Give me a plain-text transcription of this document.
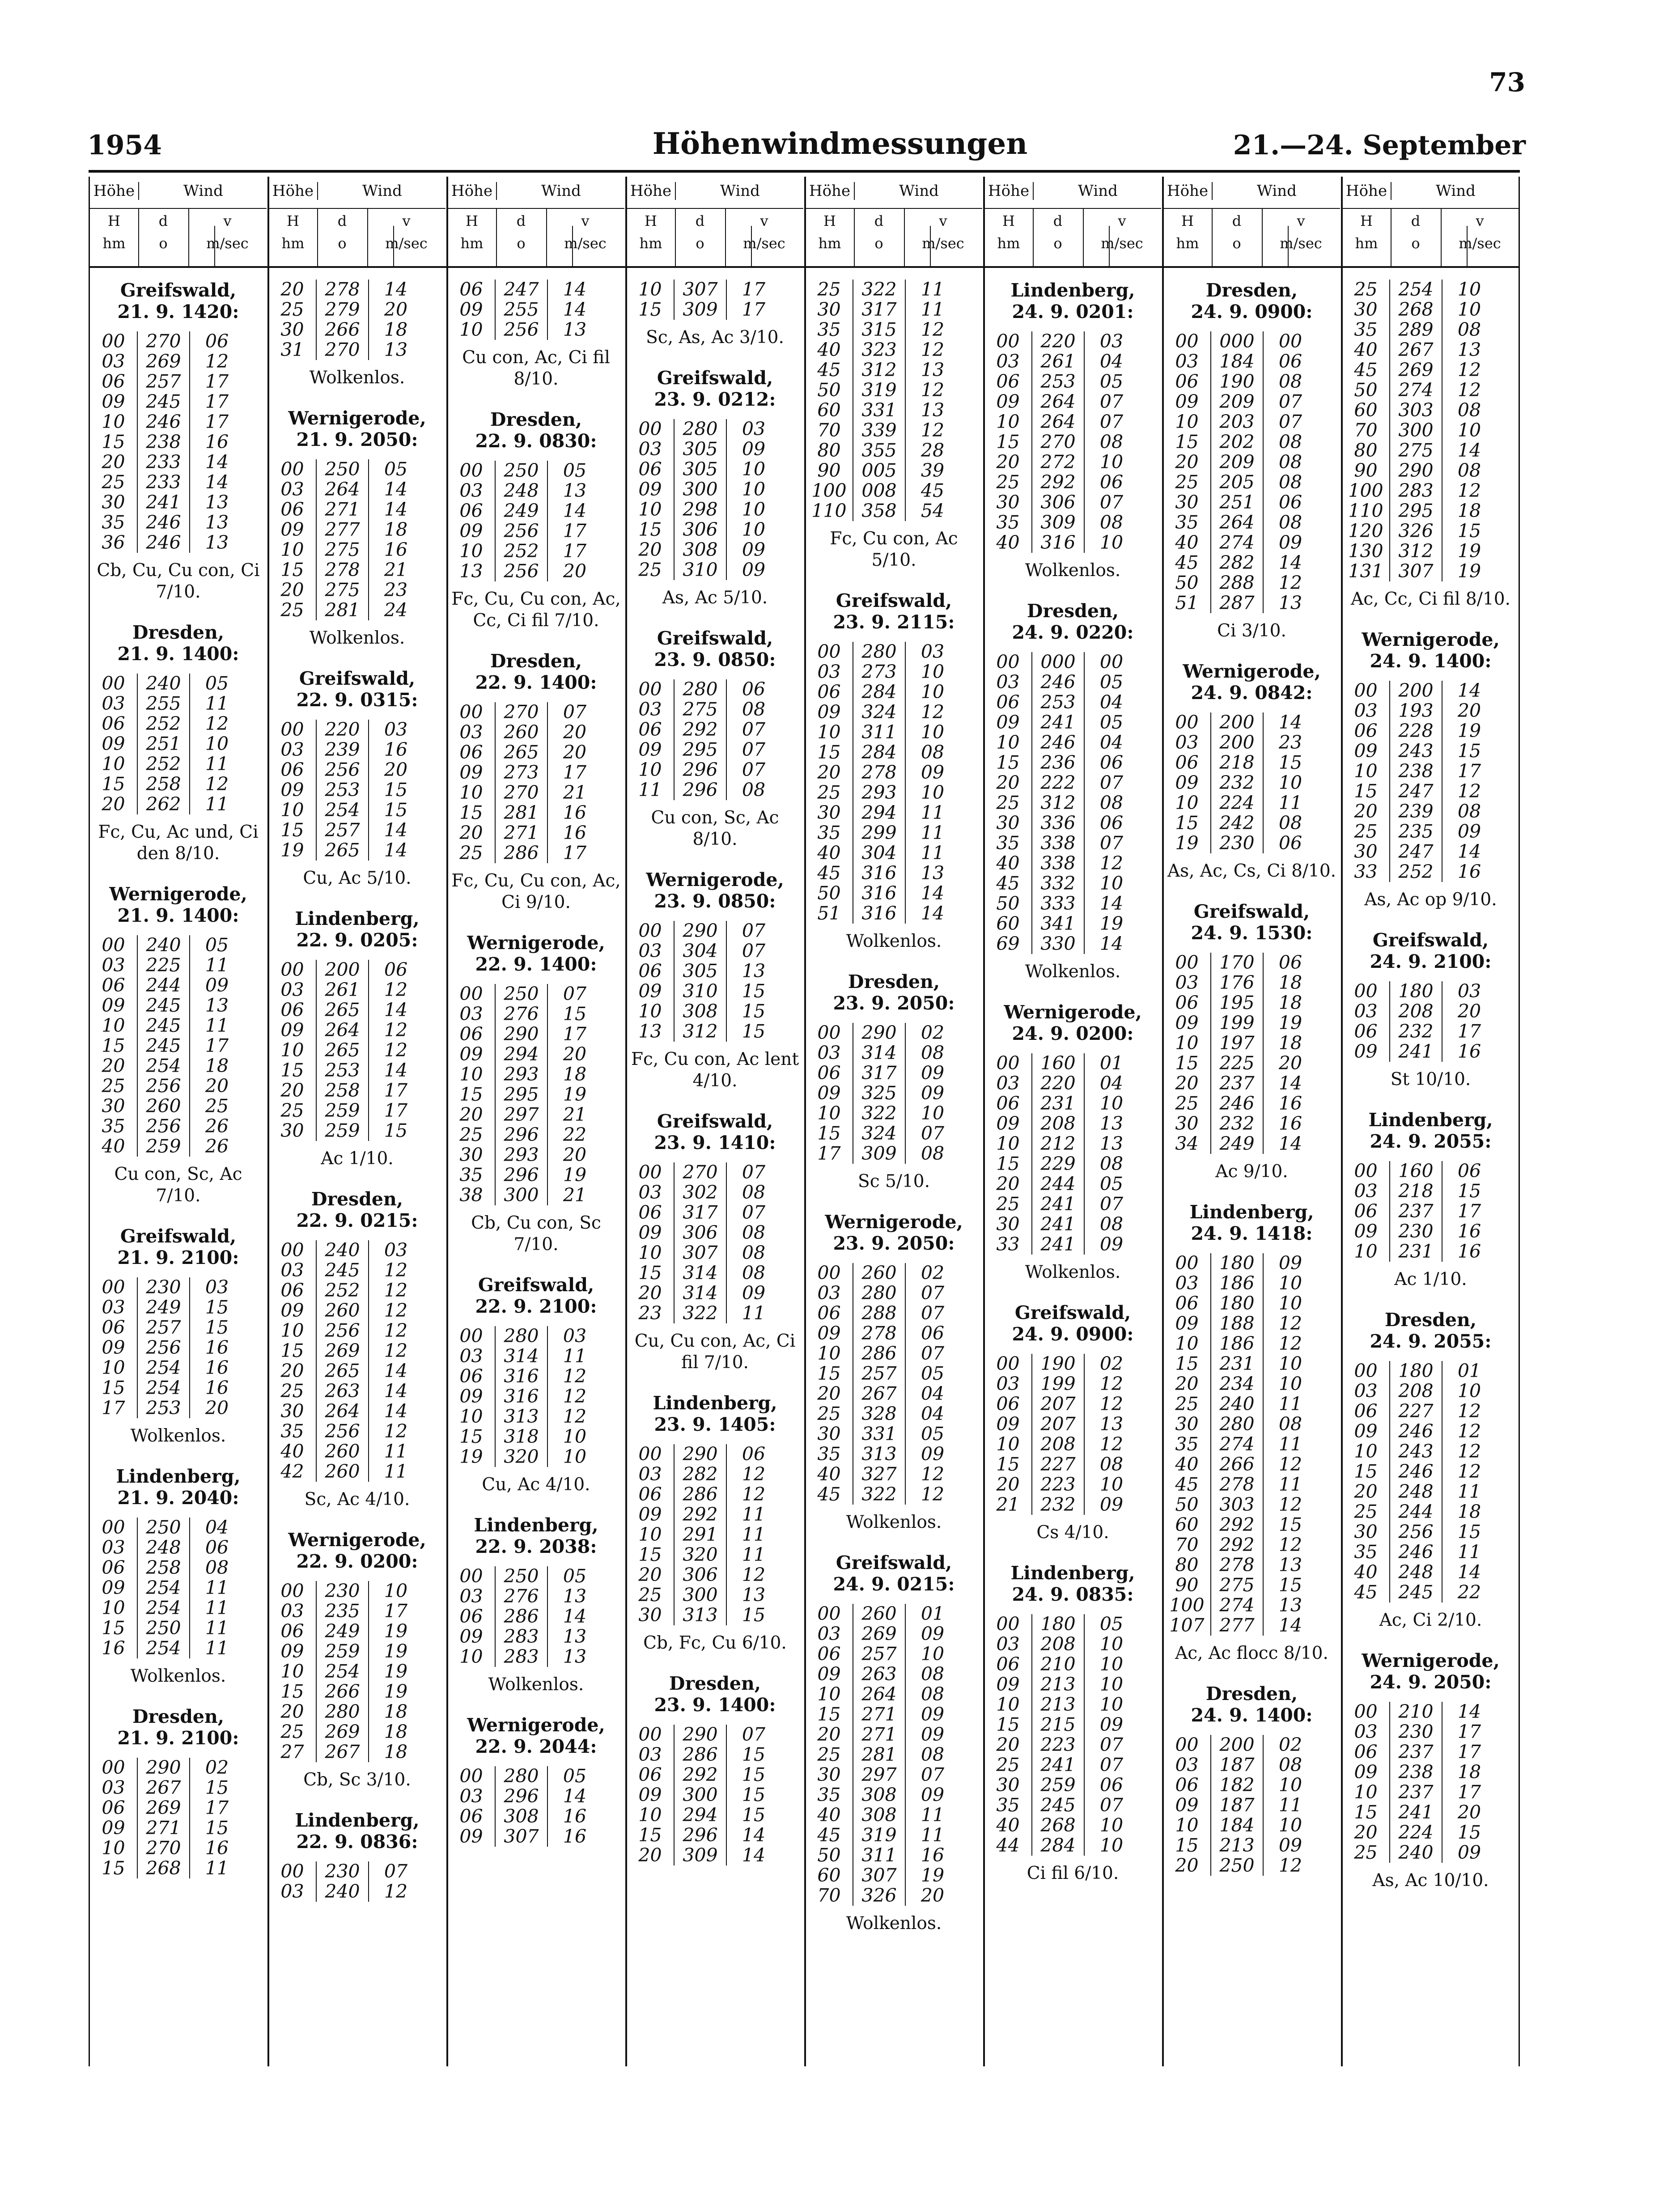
73
1954	Höhenwindmessungen	21.—24. September
Höhe	Wind
H
hm
d
o
v
m/sec
Greifswald,
21. 9. 1420:
00	270	06
03	269	12
06	257	17
09	245	17
10	246	17
15	238	16
20	233	14
25	233	14
30	241	13
35	246	13
36	246	13
Cb, Cu, Cu con, Ci 7/10.
Dresden,
21. 9. 1400:
00	240	05
03	255	11
06	252	12
09	251	10
10	252	11
15	258	12
20	262	11
Fc, Cu, Ac und, Ci den 8/10.
Wernigerode,
21. 9. 1400:
00	240	05
03	225	11
06	244	09
09	245	13
10	245	11
15	245	17
20	254	18
25	256	20
30	260	25
35	256	26
40	259	26
Cu con, Sc, Ac 7/10.
Greifswald,
21. 9. 2100:
00	230	03
03	249	15
06	257	15
09	256	16
10	254	16
15	254	16
17	253	20
Wolkenlos.
Lindenberg,
21. 9. 2040:
00	250	04
03	248	06
06	258	08
09	254	11
10	254	11
15	250	11
16	254	11
Wolkenlos.
Dresden,
21. 9. 2100:
00	290	02
03	267	15
06	269	17
09	271	15
10	270	16
15	268	11
Höhe	Wind
H
hm
d
o
v
m/sec
20	278	14
25	279	20
30	266	18
31	270	13
Wolkenlos.
Wernigerode,
21. 9. 2050:
00	250	05
03	264	14
06	271	14
09	277	18
10	275	16
15	278	21
20	275	23
25	281	24
Wolkenlos.
Greifswald,
22. 9. 0315:
00	220	03
03	239	16
06	256	20
09	253	15
10	254	15
15	257	14
19	265	14
Cu, Ac 5/10.
Lindenberg,
22. 9. 0205:
00	200	06
03	261	12
06	265	14
09	264	12
10	265	12
15	253	14
20	258	17
25	259	17
30	259	15
Ac 1/10.
Dresden,
22. 9. 0215:
00	240	03
03	245	12
06	252	12
09	260	12
10	256	12
15	269	12
20	265	14
25	263	14
30	264	14
35	256	12
40	260	11
42	260	11
Sc, Ac 4/10.
Wernigerode,
22. 9. 0200:
00	230	10
03	235	17
06	249	19
09	259	19
10	254	19
15	266	19
20	280	18
25	269	18
27	267	18
Cb, Sc 3/10.
Lindenberg,
22. 9. 0836:
00	230	07
03	240	12
Höhe	Wind
H
hm
d
o
v
m/sec
06	247	14
09	255	14
10	256	13
Cu con, Ac, Ci fil 8/10.
Dresden,
22. 9. 0830:
00	250	05
03	248	13
06	249	14
09	256	17
10	252	17
13	256	20
Fc, Cu, Cu con, Ac, Cc, Ci fil 7/10.
Dresden,
22. 9. 1400:
00	270	07
03	260	20
06	265	20
09	273	17
10	270	21
15	281	16
20	271	16
25	286	17
Fc, Cu, Cu con, Ac, Ci 9/10.
Wernigerode,
22. 9. 1400:
00	250	07
03	276	15
06	290	17
09	294	20
10	293	18
15	295	19
20	297	21
25	296	22
30	293	20
35	296	19
38	300	21
Cb, Cu con, Sc 7/10.
Greifswald,
22. 9. 2100:
00	280	03
03	314	11
06	316	12
09	316	12
10	313	12
15	318	10
19	320	10
Cu, Ac 4/10.
Lindenberg,
22. 9. 2038:
00	250	05
03	276	13
06	286	14
09	283	13
10	283	13
Wolkenlos.
Wernigerode,
22. 9. 2044:
00	280	05
03	296	14
06	308	16
09	307	16
Höhe	Wind
H
hm
d
o
v
m/sec
10	307	17
15	309	17
Sc, As, Ac 3/10.
Greifswald,
23. 9. 0212:
00	280	03
03	305	09
06	305	10
09	300	10
10	298	10
15	306	10
20	308	09
25	310	09
As, Ac 5/10.
Greifswald,
23. 9. 0850:
00	280	06
03	275	08
06	292	07
09	295	07
10	296	07
11	296	08
Cu con, Sc, Ac 8/10.
Wernigerode,
23. 9. 0850:
00	290	07
03	304	07
06	305	13
09	310	15
10	308	15
13	312	15
Fc, Cu con, Ac lent 4/10.
Greifswald,
23. 9. 1410:
00	270	07
03	302	08
06	317	07
09	306	08
10	307	08
15	314	08
20	314	09
23	322	11
Cu, Cu con, Ac, Ci fil 7/10.
Lindenberg,
23. 9. 1405:
00	290	06
03	282	12
06	286	12
09	292	11
10	291	11
15	320	11
20	306	12
25	300	13
30	313	15
Cb, Fc, Cu 6/10.
Dresden,
23. 9. 1400:
00	290	07
03	286	15
06	292	15
09	300	15
10	294	15
15	296	14
20	309	14
Höhe	Wind
H
hm
d
o
v
m/sec
25	322	11
30	317	11
35	315	12
40	323	12
45	312	13
50	319	12
60	331	13
70	339	12
80	355	28
90	005	39
100 008	45
110 358	54
Fc, Cu con, Ac 5/10.
Greifswald,
23. 9. 2115:
00	280	03
03	273	10
06	284	10
09	324	12
10	311	10
15	284	08
20	278	09
25	293	10
30	294	11
35	299	11
40	304	11
45	316	13
50	316	14
51	316	14
Wolkenlos.
Dresden,
23. 9. 2050:
00	290	02
03	314	08
06	317	09
09	325	09
10	322	10
15	324	07
17	309	08
Sc 5/10.
Wernigerode,
23. 9. 2050:
00	260	02
03	280	07
06	288	07
09	278	06
10	286	07
15	257	05
20	267	04
25	328	04
30	331	05
35	313	09
40	327	12
45	322	12
Wolkenlos.
Greifswald,
24. 9. 0215:
00	260	01
03	269	09
06	257	10
09	263	08
10	264	08
15	271	09
20	271	09
25	281	08
30	297	07
35	308	09
40	308	11
45	319	11
50	311	16
60	307	19
70	326	20
Wolkenlos.
Höhe	Wind
H
hm
d
o
v
m/sec
Lindenberg,
24. 9. 0201:
00	220	03
03	261	04
06	253	05
09	264	07
10	264	07
15	270	08
20	272	10
25	292	06
30	306	07
35	309	08
40	316	10
Wolkenlos.
Dresden,
24. 9. 0220:
00	000	00
03	246	05
06	253	04
09	241	05
10	246	04
15	236	06
20	222	07
25	312	08
30	336	06
35	338	07
40	338	12
45	332	10
50	333	14
60	341	19
69	330	14
Wolkenlos.
Wernigerode,
24. 9. 0200:
00	160	01
03	220	04
06	231	10
09	208	13
10	212	13
15	229	08
20	244	05
25	241	07
30	241	08
33	241	09
Wolkenlos.
Greifswald,
24. 9. 0900:
00	190	02
03	199	12
06	207	12
09	207	13
10	208	12
15	227	08
20	223	10
21	232	09
Cs 4/10.
Lindenberg,
24. 9. 0835:
00	180	05
03	208	10
06	210	10
09	213	10
10	213	10
15	215	09
20	223	07
25	241	07
30	259	06
35	245	07
40	268	10
44	284	10
Ci fil 6/10.
Höhe	Wind
H
hm
d
o
v
m/sec
Dresden,
24. 9. 0900:
00	000	00
03	184	06
06	190	08
09	209	07
10	203	07
15	202	08
20	209	08
25	205	08
30	251	06
35	264	08
40	274	09
45	282	14
50	288	12
51	287	13
Ci 3/10.
Wernigerode,
24. 9. 0842:
00	200	14
03	200	23
06	218	15
09	232	10
10	224	11
15	242	08
19	230	06
As, Ac, Cs, Ci 8/10.
Greifswald,
24. 9. 1530:
00	170	06
03	176	18
06	195	18
09	199	19
10	197	18
15	225	20
20	237	14
25	246	16
30	232	16
34	249	14
Ac 9/10.
Lindenberg,
24. 9. 1418:
00	180	09
03	186	10
06	180	10
09	188	12
10	186	12
15	231	10
20	234	10
25	240	11
30	280	08
35	274	11
40	266	12
45	278	11
50	303	12
60	292	15
70	292	12
80	278	13
90	275	15
100 274	13
107 277	14
Ac, Ac flocc 8/10.
Dresden,
24. 9. 1400:
00	200	02
03	187	08
06	182	10
09	187	11
10	184	10
15	213	09
20	250	12
Höhe	Wind
H
hm
d
o
v
m/sec
25	254	10
30	268	10
35	289	08
40	267	13
45	269	12
50	274	12
60	303	08
70	300	10
80	275	14
90	290	08
100 283	12
110 295	18
120 326	15
130 312	19
131 307	19
Ac, Cc, Ci fil 8/10.
Wernigerode,
24. 9. 1400:
00	200	14
03	193	20
06	228	19
09	243	15
10	238	17
15	247	12
20	239	08
25	235	09
30	247	14
33	252	16
As, Ac op 9/10.
Greifswald,
24. 9. 2100:
00	180	03
03	208	20
06	232	17
09	241	16
St 10/10.
Lindenberg,
24. 9. 2055:
00	160	06
03	218	15
06	237	17
09	230	16
10	231	16
Ac 1/10.
Dresden,
24. 9. 2055:
00	180	01
03	208	10
06	227	12
09	246	12
10	243	12
15	246	12
20	248	11
25	244	18
30	256	15
35	246	11
40	248	14
45	245	22
Ac, Ci 2/10.
Wernigerode,
24. 9. 2050:
00	210	14
03	230	17
06	237	17
09	238	18
10	237	17
15	241	20
20	224	15
25	240	09
As, Ac 10/10.
